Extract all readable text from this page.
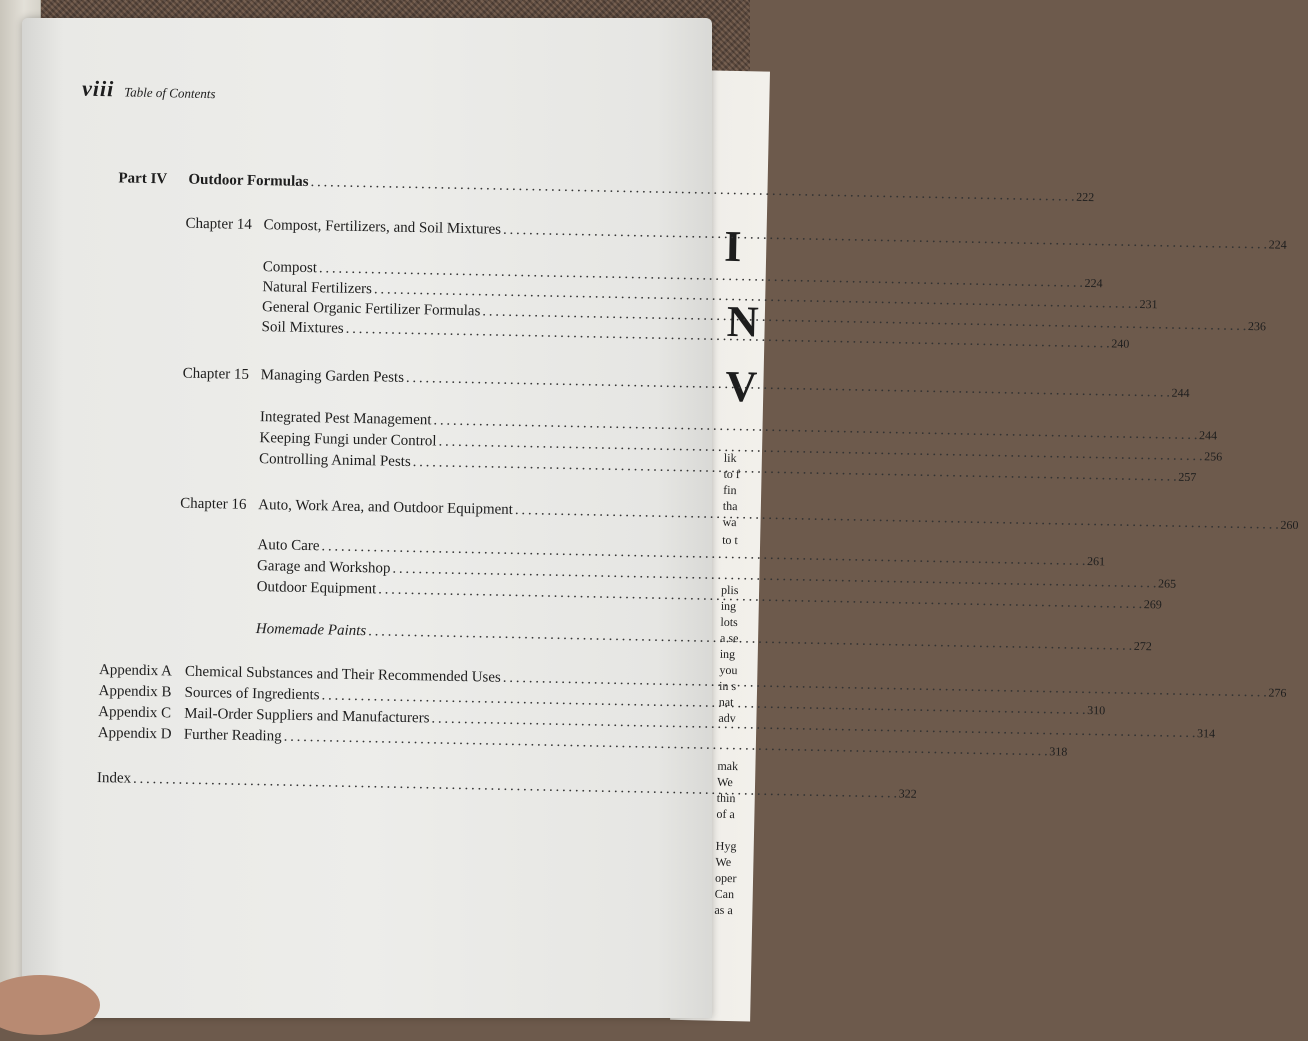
I
N
V
lik
to f
fin
tha
wa
to t
plis
ing
lots
a se
ing
you
in s
nat
adv
mak
We
thin
of a
Hyg
We
oper
Can
as a
viii Table of Contents
Part IV	Outdoor Formulas
. . .
222
Chapter 14 Compost, Fertilizers, and Soil Mixtures
. . .
224
Compost
. . .
224
Natural Fertilizers
. . .
231
General Organic Fertilizer Formulas
. . .
236
Soil Mixtures
. . .
240
Chapter 15 Managing Garden Pests
. . .
244
Integrated Pest Management
. . .
244
Keeping Fungi under Control
. . .
256
Controlling Animal Pests
. . .
257
Chapter 16 Auto, Work Area, and Outdoor Equipment
. . .
260
Auto Care
. . .
261
Garage and Workshop
. . .
265
Outdoor Equipment
. . .
269
Homemade Paints
. . .
272
Appendix A Chemical Substances and Their Recommended Uses
. . .
276
Appendix B Sources of Ingredients
. . .
310
Appendix C Mail-Order Suppliers and Manufacturers
. . .
314
Appendix D Further Reading
. . .
318
Index
. . .
322
